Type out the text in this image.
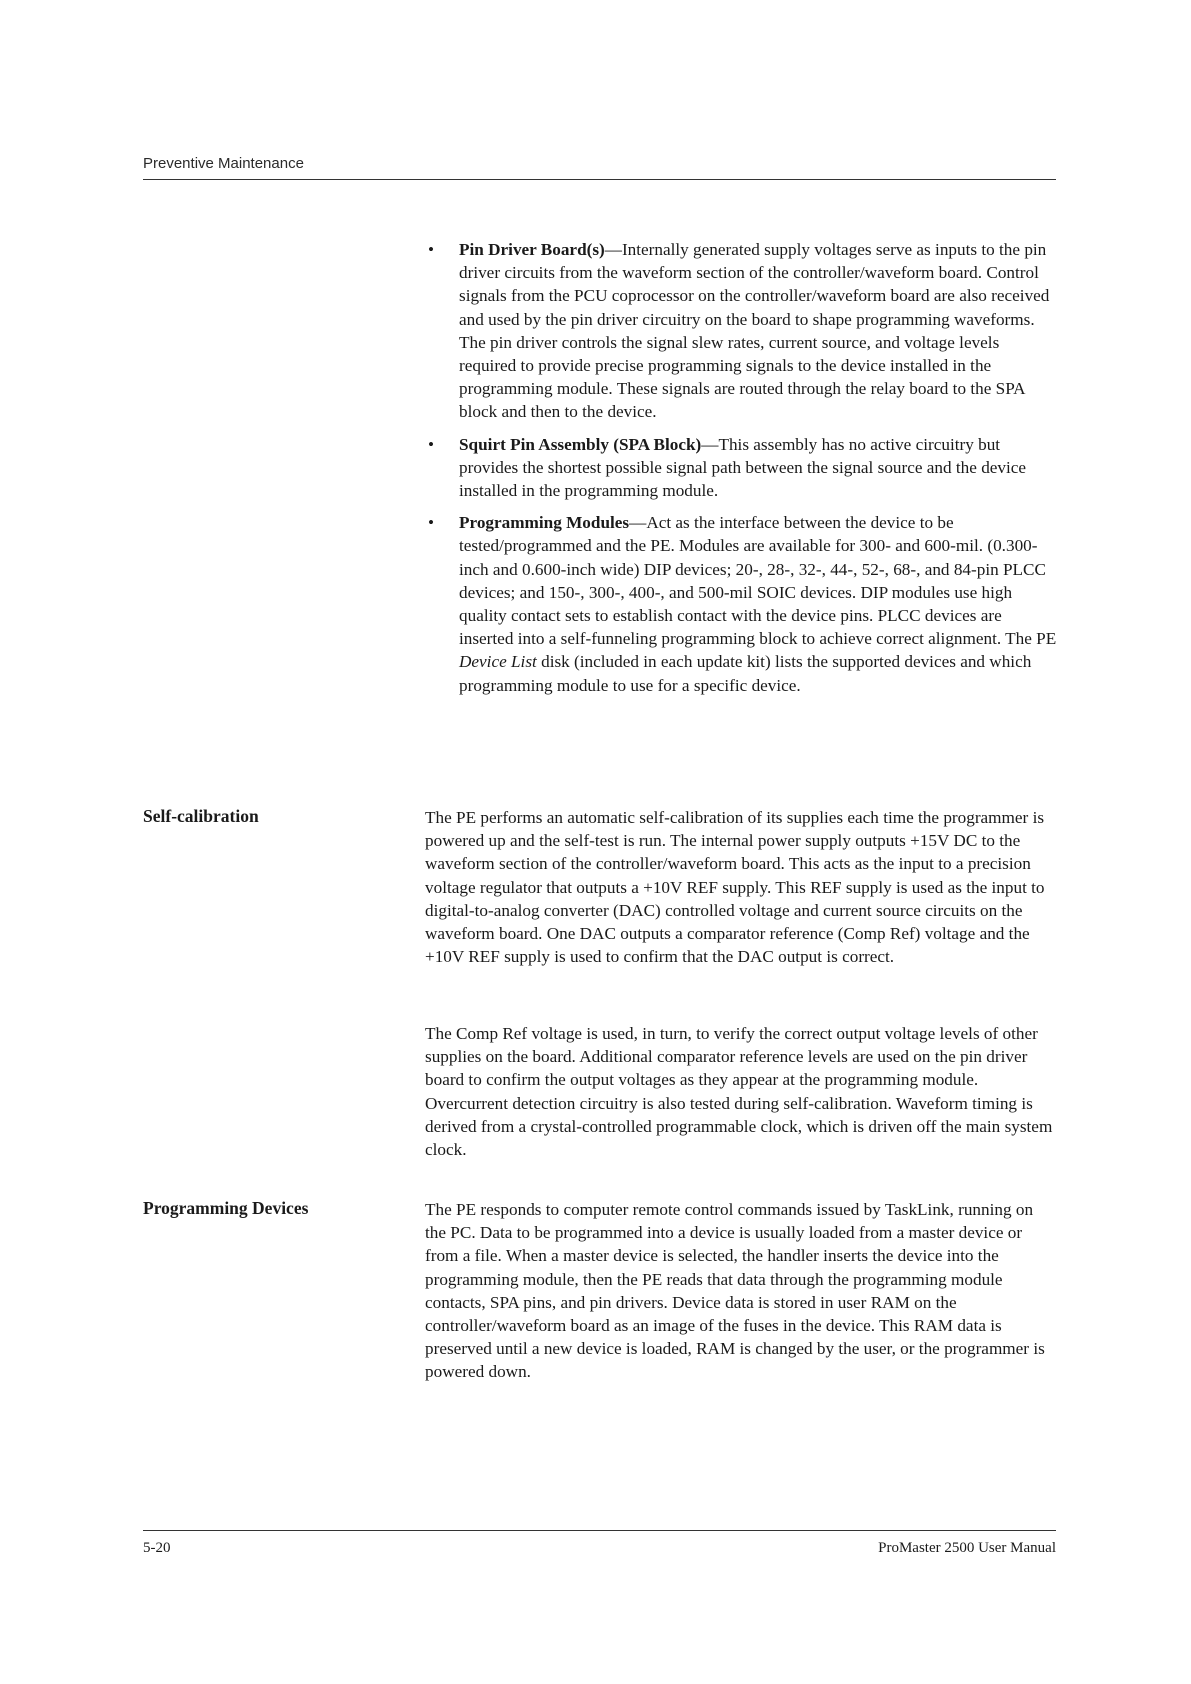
Preventive Maintenance
• Pin Driver Board(s)—Internally generated supply voltages serve as inputs to the pin driver circuits from the waveform section of the controller/waveform board. Control signals from the PCU coprocessor on the controller/waveform board are also received and used by the pin driver circuitry on the board to shape programming waveforms. The pin driver controls the signal slew rates, current source, and voltage levels required to provide precise programming signals to the device installed in the programming module. These signals are routed through the relay board to the SPA block and then to the device.
• Squirt Pin Assembly (SPA Block)—This assembly has no active circuitry but provides the shortest possible signal path between the signal source and the device installed in the programming module.
• Programming Modules—Act as the interface between the device to be tested/programmed and the PE. Modules are available for 300- and 600-mil. (0.300-inch and 0.600-inch wide) DIP devices; 20-, 28-, 32-, 44-, 52-, 68-, and 84-pin PLCC devices; and 150-, 300-, 400-, and 500-mil SOIC devices. DIP modules use high quality contact sets to establish contact with the device pins. PLCC devices are inserted into a self-funneling programming block to achieve correct alignment. The PE Device List disk (included in each update kit) lists the supported devices and which programming module to use for a specific device.
Self-calibration	The PE performs an automatic self-calibration of its supplies each time the programmer is powered up and the self-test is run. The internal power supply outputs +15V DC to the waveform section of the controller/waveform board. This acts as the input to a precision voltage regulator that outputs a +10V REF supply. This REF supply is used as the input to digital-to-analog converter (DAC) controlled voltage and current source circuits on the waveform board. One DAC outputs a comparator reference (Comp Ref) voltage and the +10V REF supply is used to confirm that the DAC output is correct.

The Comp Ref voltage is used, in turn, to verify the correct output voltage levels of other supplies on the board. Additional comparator reference levels are used on the pin driver board to confirm the output voltages as they appear at the programming module. Overcurrent detection circuitry is also tested during self-calibration. Waveform timing is derived from a crystal-controlled programmable clock, which is driven off the main system clock.

Programming Devices	The PE responds to computer remote control commands issued by TaskLink, running on the PC. Data to be programmed into a device is usually loaded from a master device or from a file. When a master device is selected, the handler inserts the device into the programming module, then the PE reads that data through the programming module contacts, SPA pins, and pin drivers. Device data is stored in user RAM on the controller/waveform board as an image of the fuses in the device. This RAM data is preserved until a new device is loaded, RAM is changed by the user, or the programmer is powered down.

5-20	ProMaster 2500 User Manual
